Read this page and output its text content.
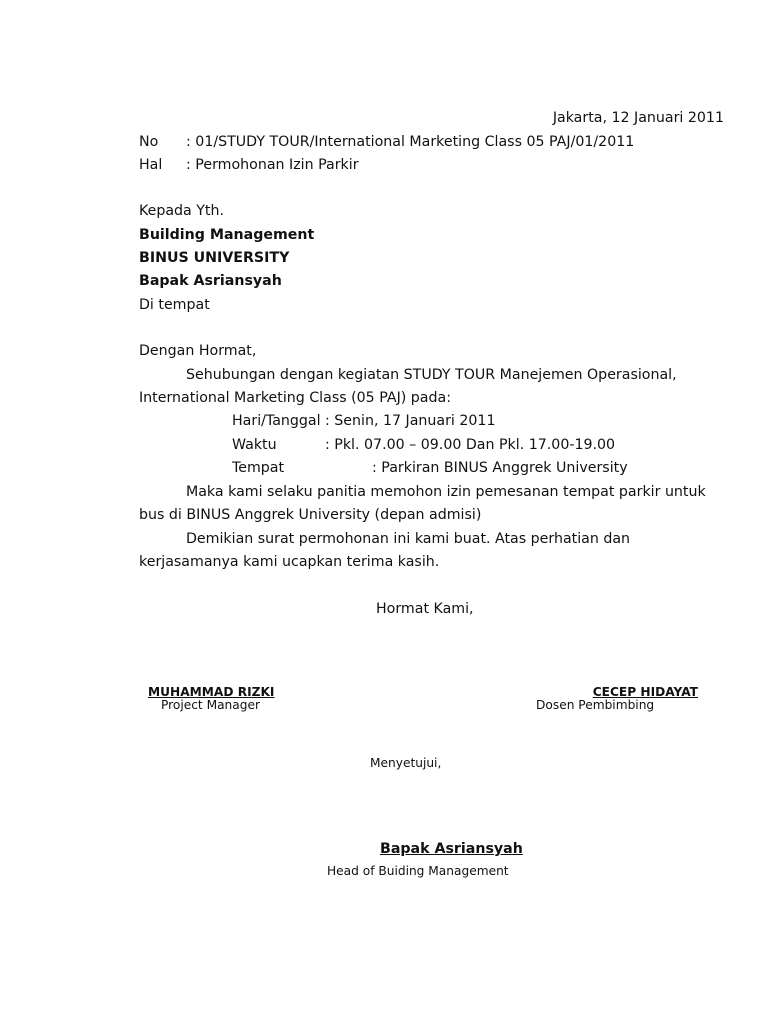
Jakarta, 12 Januari 2011
No : 01/STUDY TOUR/International Marketing Class 05 PAJ/01/2011
Hal : Permohonan Izin Parkir
Kepada Yth.
Building Management
BINUS UNIVERSITY
Bapak Asriansyah
Di tempat
Dengan Hormat,
Sehubungan dengan kegiatan STUDY TOUR Manejemen Operasional,
International Marketing Class (05 PAJ) pada:
Hari/Tanggal : Senin, 17 Januari 2011
Waktu	: Pkl. 07.00 – 09.00 Dan Pkl. 17.00-19.00
Tempat	: Parkiran BINUS Anggrek University
Maka kami selaku panitia memohon izin pemesanan tempat parkir untuk
bus di BINUS Anggrek University (depan admisi)
Demikian surat permohonan ini kami buat. Atas perhatian dan
kerjasamanya kami ucapkan terima kasih.
Hormat Kami,
MUHAMMAD RIZKI
Project Manager
CECEP HIDAYAT
Dosen Pembimbing
Menyetujui,
Bapak Asriansyah
Head of Buiding Management
